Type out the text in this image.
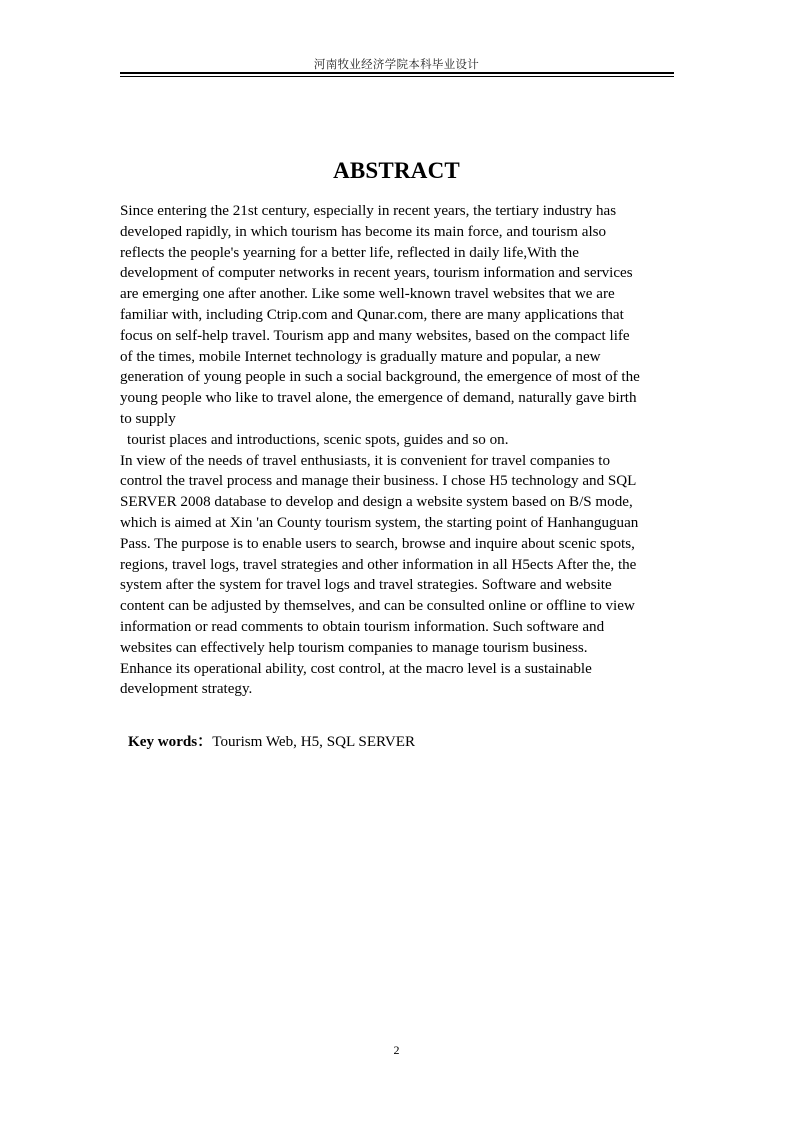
河南牧业经济学院本科毕业设计
ABSTRACT
Since entering the 21st century, especially in recent years, the tertiary industry has
developed rapidly, in which tourism has become its main force, and tourism also
reflects the people's yearning for a better life, reflected in daily life,With the
development of computer networks in recent years, tourism information and services
are emerging one after another. Like some well-known travel websites that we are
familiar with, including Ctrip.com and Qunar.com, there are many applications that
focus on self-help travel. Tourism app and many websites, based on the compact life
of the times, mobile Internet technology is gradually mature and popular, a new
generation of young people in such a social background, the emergence of most of the
young people who like to travel alone, the emergence of demand, naturally gave birth
to supply
tourist places and introductions, scenic spots, guides and so on.
In view of the needs of travel enthusiasts, it is convenient for travel companies to
control the travel process and manage their business. I chose H5 technology and SQL
SERVER 2008 database to develop and design a website system based on B/S mode,
which is aimed at Xin 'an County tourism system, the starting point of Hanhanguguan
Pass. The purpose is to enable users to search, browse and inquire about scenic spots,
regions, travel logs, travel strategies and other information in all H5ects After the, the
system after the system for travel logs and travel strategies. Software and website
content can be adjusted by themselves, and can be consulted online or offline to view
information or read comments to obtain tourism information. Such software and
websites can effectively help tourism companies to manage tourism business.
Enhance its operational ability, cost control, at the macro level is a sustainable
development strategy.
Key words：Tourism Web, H5, SQL SERVER
2
